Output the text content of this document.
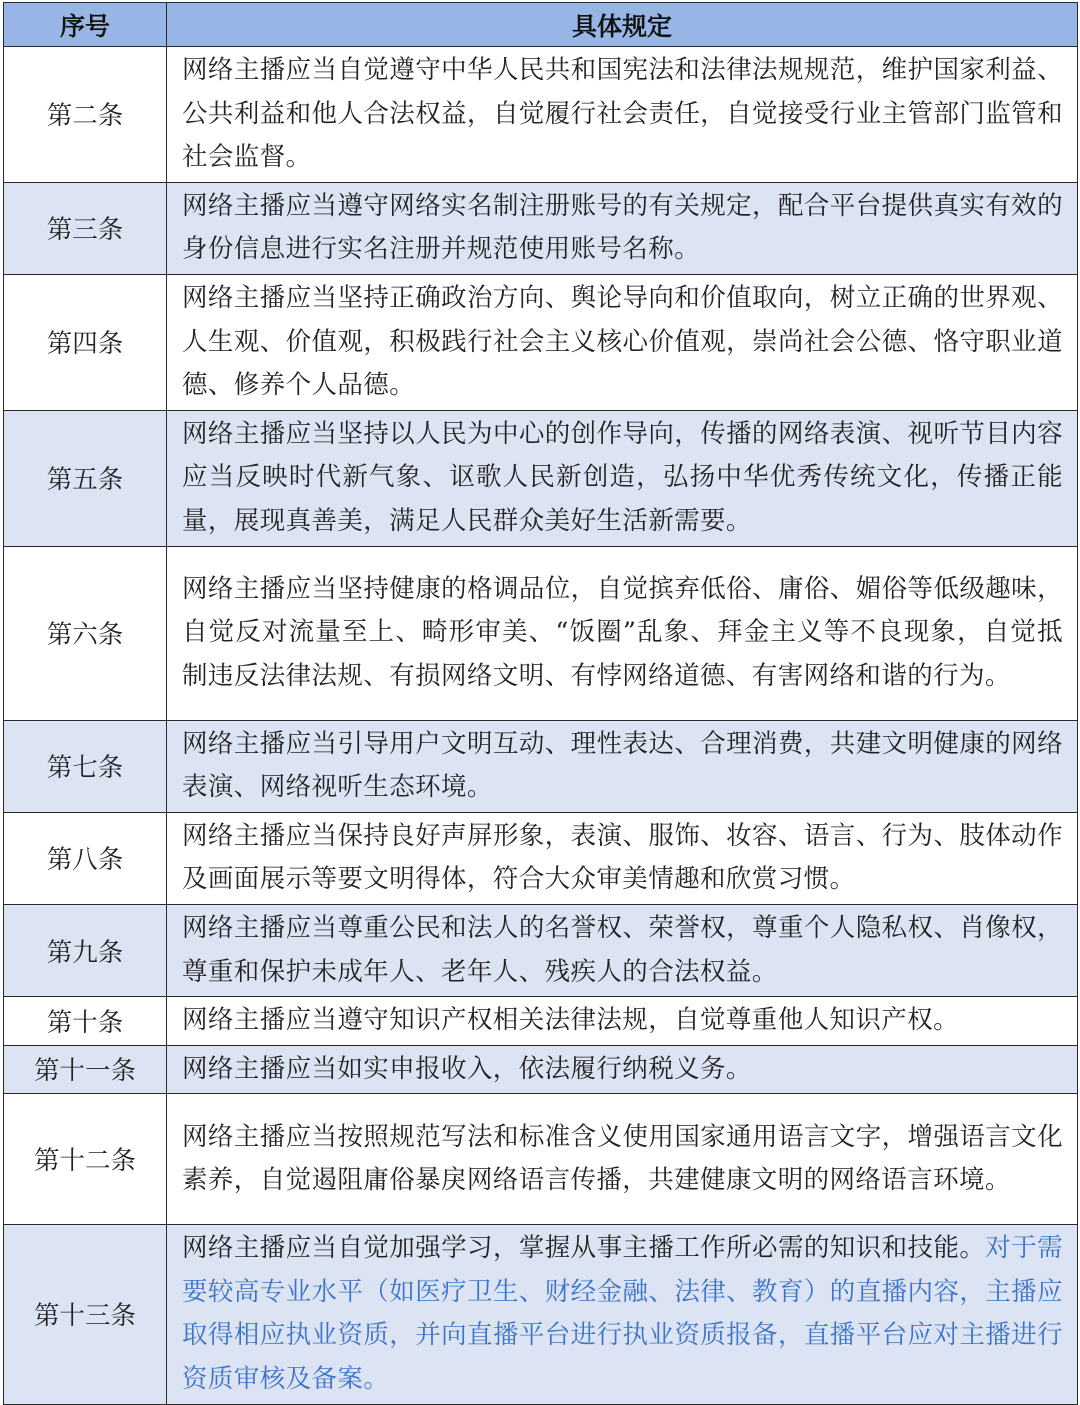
序号	具体规定
第二条	网络主播应当自觉遵守中华人民共和国宪法和法律法规规范，维护国家利益、公共利益和他人合法权益，自觉履行社会责任，自觉接受行业主管部门监管和社会监督。
第三条	网络主播应当遵守网络实名制注册账号的有关规定，配合平台提供真实有效的身份信息进行实名注册并规范使用账号名称。
第四条	网络主播应当坚持正确政治方向、舆论导向和价值取向，树立正确的世界观、人生观、价值观，积极践行社会主义核心价值观，崇尚社会公德、恪守职业道德、修养个人品德。
第五条	网络主播应当坚持以人民为中心的创作导向，传播的网络表演、视听节目内容应当反映时代新气象、讴歌人民新创造，弘扬中华优秀传统文化，传播正能量，展现真善美，满足人民群众美好生活新需要。
第六条	网络主播应当坚持健康的格调品位，自觉摈弃低俗、庸俗、媚俗等低级趣味，自觉反对流量至上、畸形审美、“饭圈”乱象、拜金主义等不良现象，自觉抵制违反法律法规、有损网络文明、有悖网络道德、有害网络和谐的行为。
第七条	网络主播应当引导用户文明互动、理性表达、合理消费，共建文明健康的网络表演、网络视听生态环境。
第八条	网络主播应当保持良好声屏形象，表演、服饰、妆容、语言、行为、肢体动作及画面展示等要文明得体，符合大众审美情趣和欣赏习惯。
第九条	网络主播应当尊重公民和法人的名誉权、荣誉权，尊重个人隐私权、肖像权，尊重和保护未成年人、老年人、残疾人的合法权益。
第十条	网络主播应当遵守知识产权相关法律法规，自觉尊重他人知识产权。
第十一条	网络主播应当如实申报收入，依法履行纳税义务。
第十二条	网络主播应当按照规范写法和标准含义使用国家通用语言文字，增强语言文化素养，自觉遏阻庸俗暴戾网络语言传播，共建健康文明的网络语言环境。
第十三条	网络主播应当自觉加强学习，掌握从事主播工作所必需的知识和技能。对于需要较高专业水平（如医疗卫生、财经金融、法律、教育）的直播内容，主播应取得相应执业资质，并向直播平台进行执业资质报备，直播平台应对主播进行资质审核及备案。
